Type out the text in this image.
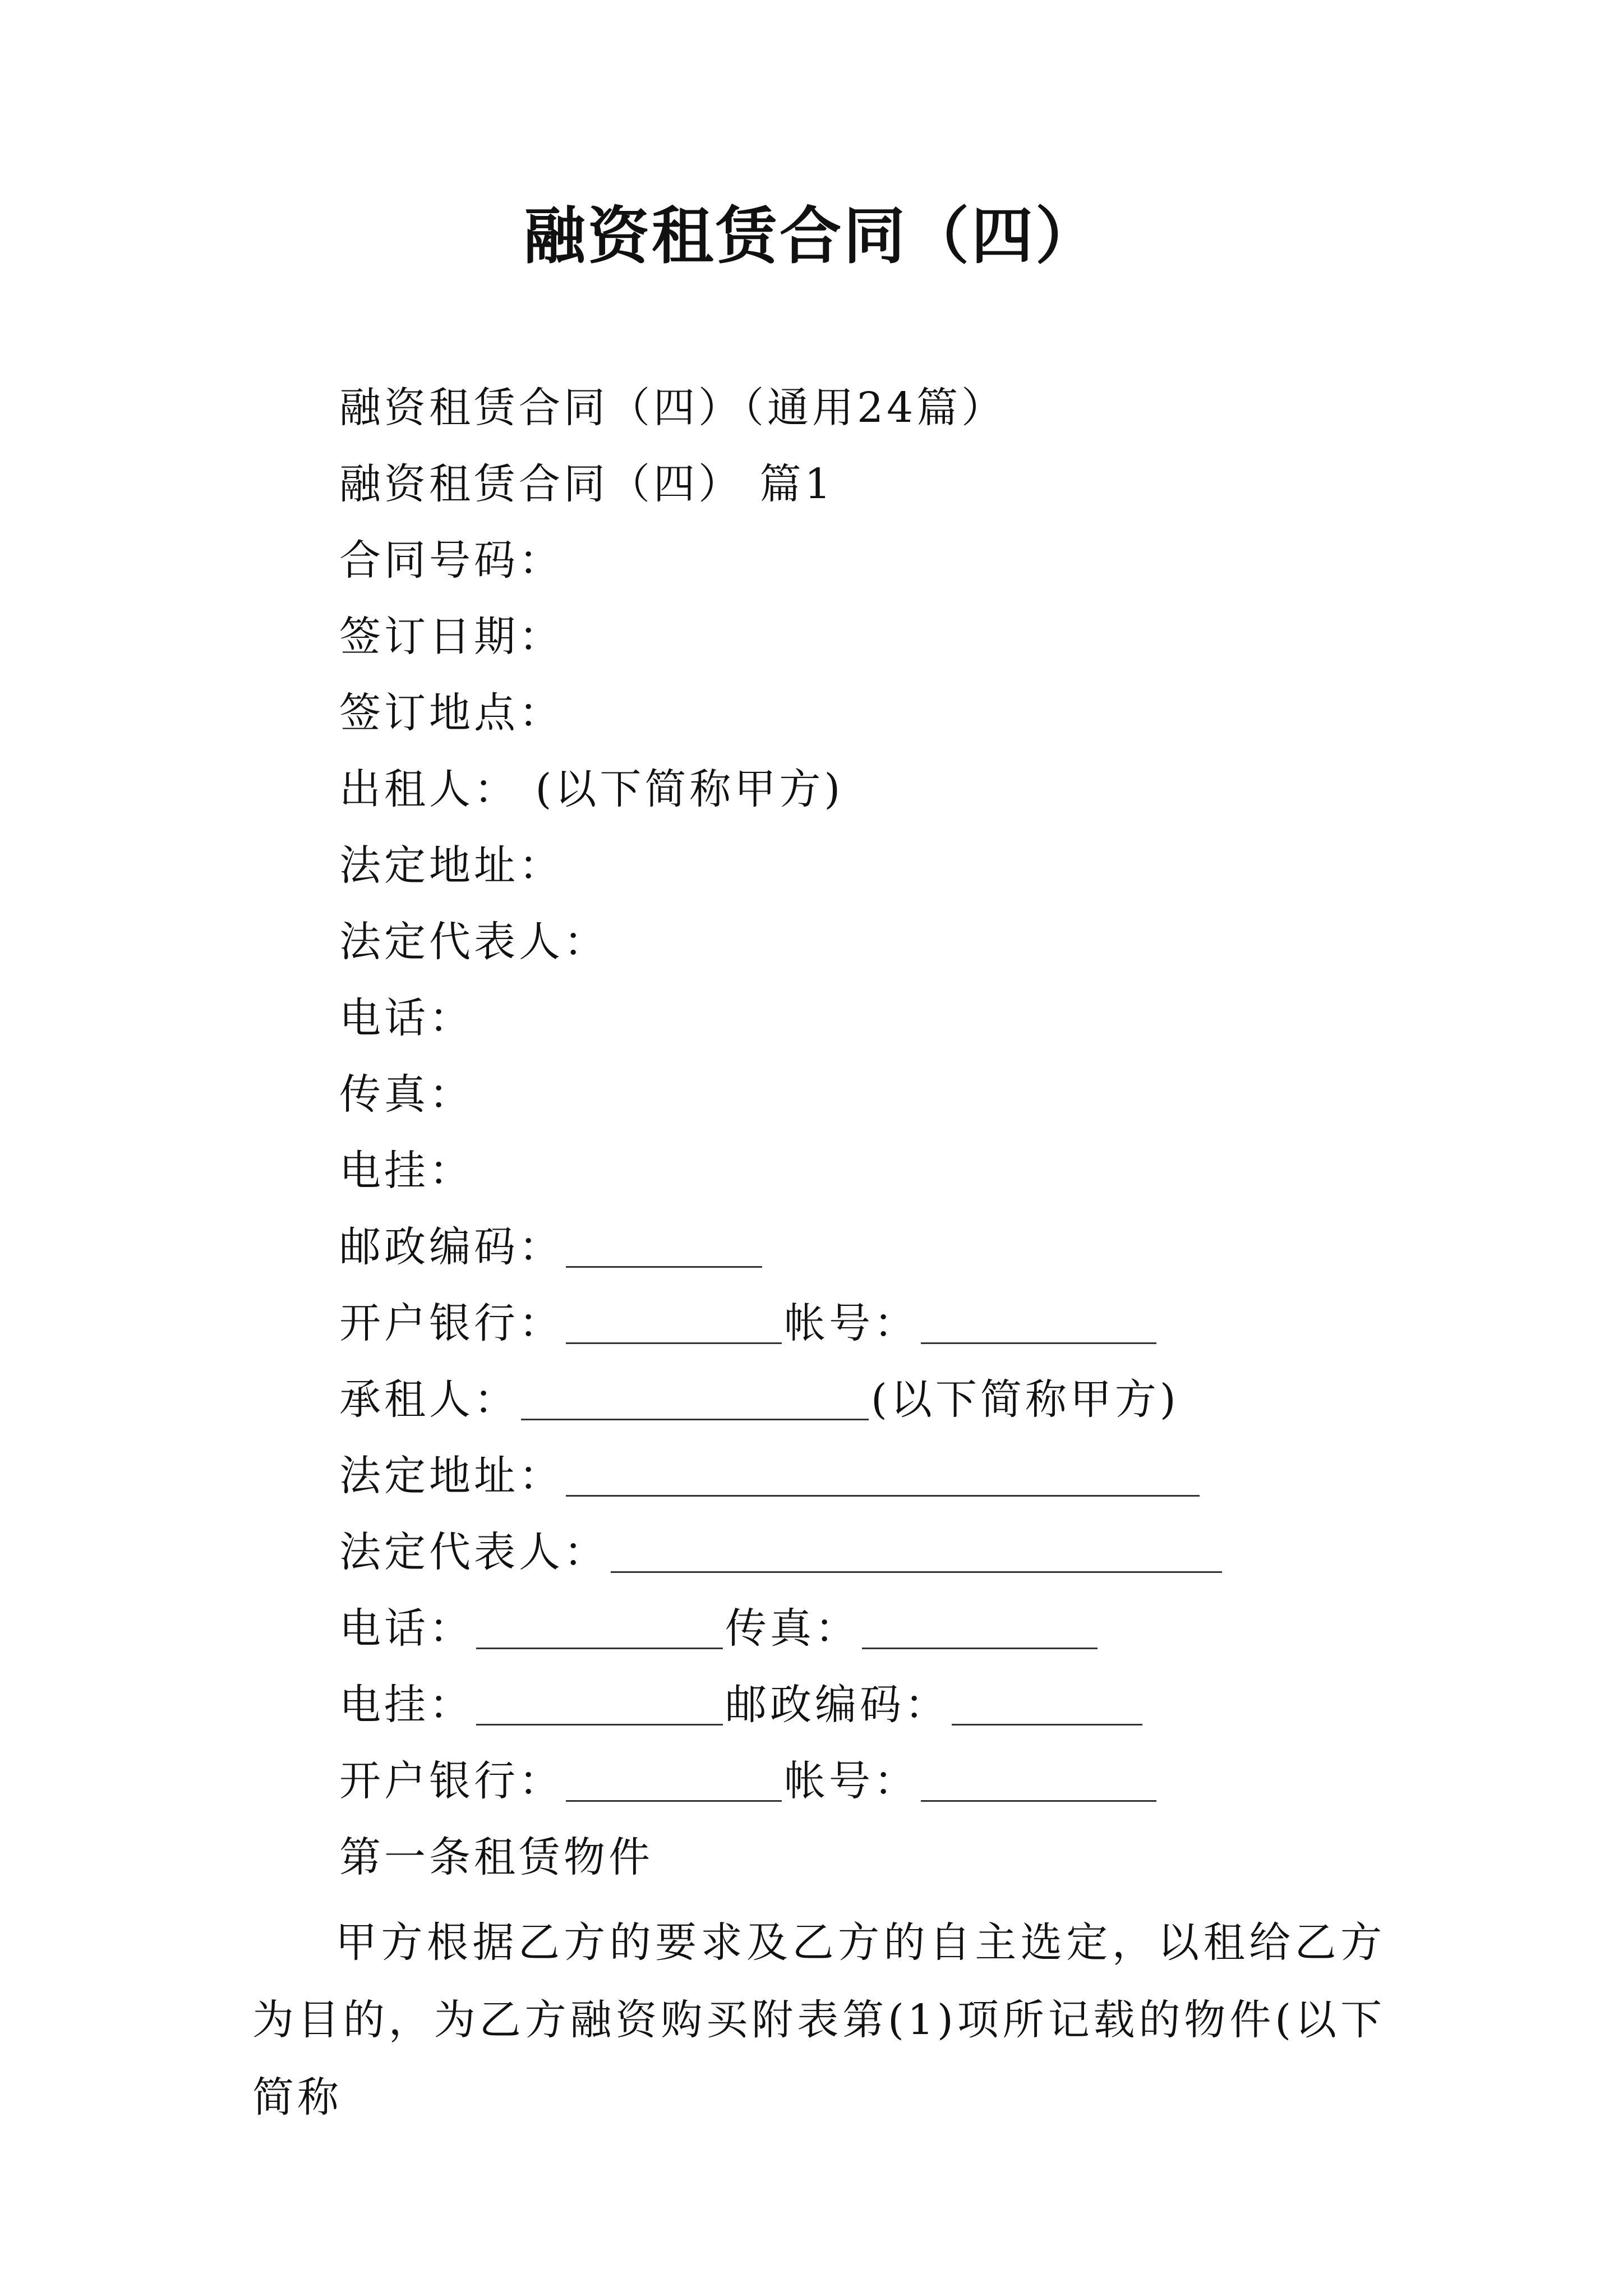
融资租赁合同（四）
融资租赁合同（四）（通用24篇）
融资租赁合同（四） 篇1
合同号码：
签订日期：
签订地点：
出租人： (以下简称甲方)
法定地址：
法定代表人：
电话：
传真：
电挂：
邮政编码：
开户银行：	帐号：
承租人：	(以下简称甲方)
法定地址：
法定代表人：
电话：	传真：
电挂：	邮政编码：
开户银行：	帐号：
第一条租赁物件

甲方根据乙方的要求及乙方的自主选定，以租给乙方为目的，为乙方融资购买附表第(1)项所记载的物件(以下简称
